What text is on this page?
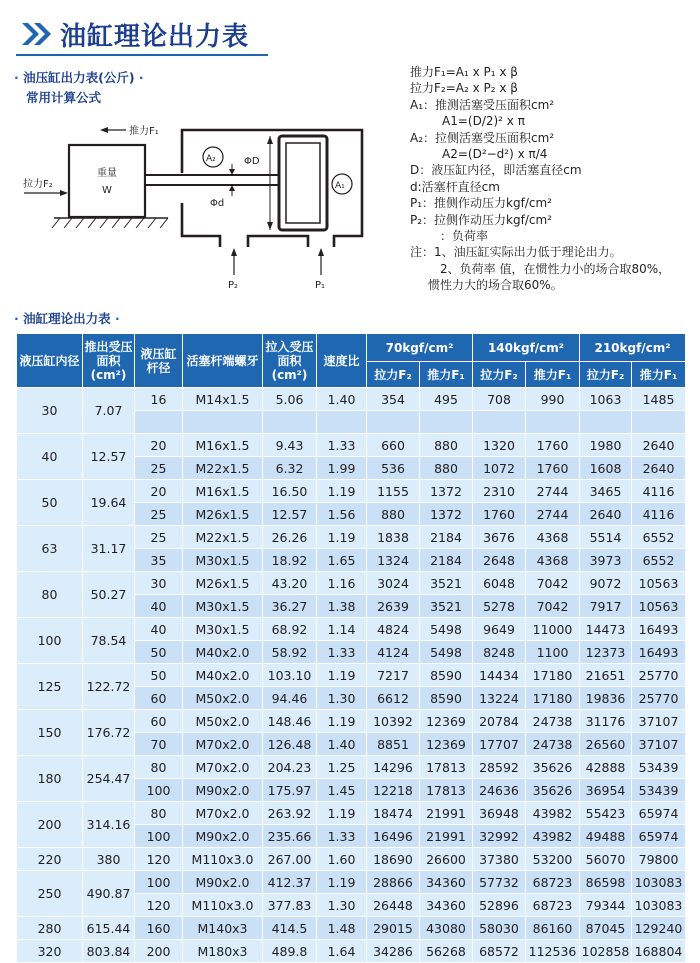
油缸理论出力表
· 油压缸出力表(公斤) ·
常用计算公式
推力F₁
拉力F₂
重量
W
A₂
A₁
ΦD
Φd
P₂	P₁
推力F₁=A₁ x P₁ x β
拉力F₂=A₂ x P₂ x β
A₁：推测活塞受压面积cm²
A1=(D/2)² x π
A₂：拉侧活塞受压面积cm²
A2=(D²−d²) x π/4
D：液压缸内径，即活塞直径cm
d:活塞杆直径cm
P₁：推侧作动压力kgf/cm²
P₂：拉侧作动压力kgf/cm²
：负荷率
注：1、油压缸实际出力低于理论出力。
2、负荷率 值，在惯性力小的场合取80%，
惯性力大的场合取60%。
· 油缸理论出力表 ·
液压缸内径	推出受压面积(cm²)	液压缸杆径	活塞杆端螺牙	拉入受压面积(cm²)	速度比	70kgf/cm²		140kgf/cm²		210kgf/cm²	
						拉力F₂	推力F₁	拉力F₂	推力F₁	拉力F₂	推力F₁
30	7.07	16	M14x1.5	5.06	1.40	354	495	708	990	1063	1485

40	12.57	20	M16x1.5	9.43	1.33	660	880	1320	1760	1980	2640
		25	M22x1.5	6.32	1.99	536	880	1072	1760	1608	2640
50	19.64	20	M16x1.5	16.50	1.19	1155	1372	2310	2744	3465	4116
		25	M26x1.5	12.57	1.56	880	1372	1760	2744	2640	4116
63	31.17	25	M22x1.5	26.26	1.19	1838	2184	3676	4368	5514	6552
		35	M30x1.5	18.92	1.65	1324	2184	2648	4368	3973	6552
80	50.27	30	M26x1.5	43.20	1.16	3024	3521	6048	7042	9072	10563
		40	M30x1.5	36.27	1.38	2639	3521	5278	7042	7917	10563
100	78.54	40	M30x1.5	68.92	1.14	4824	5498	9649	11000	14473	16493
		50	M40x2.0	58.92	1.33	4124	5498	8248	1100	12373	16493
125	122.72	50	M40x2.0	103.10	1.19	7217	8590	14434	17180	21651	25770
		60	M50x2.0	94.46	1.30	6612	8590	13224	17180	19836	25770
150	176.72	60	M50x2.0	148.46	1.19	10392	12369	20784	24738	31176	37107
		70	M70x2.0	126.48	1.40	8851	12369	17707	24738	26560	37107
180	254.47	80	M70x2.0	204.23	1.25	14296	17813	28592	35626	42888	53439
		100	M90x2.0	175.97	1.45	12218	17813	24636	35626	36954	53439
200	314.16	80	M70x2.0	263.92	1.19	18474	21991	36948	43982	55423	65974
		100	M90x2.0	235.66	1.33	16496	21991	32992	43982	49488	65974
220	380	120	M110x3.0	267.00	1.60	18690	26600	37380	53200	56070	79800
250	490.87	100	M90x2.0	412.37	1.19	28866	34360	57732	68723	86598	103083
		120	M110x3.0	377.83	1.30	26448	34360	52896	68723	79344	103083
280	615.44	160	M140x3	414.5	1.48	29015	43080	58030	86160	87045	129240
320	803.84	200	M180x3	489.8	1.64	34286	56268	68572	112536	102858	168804
